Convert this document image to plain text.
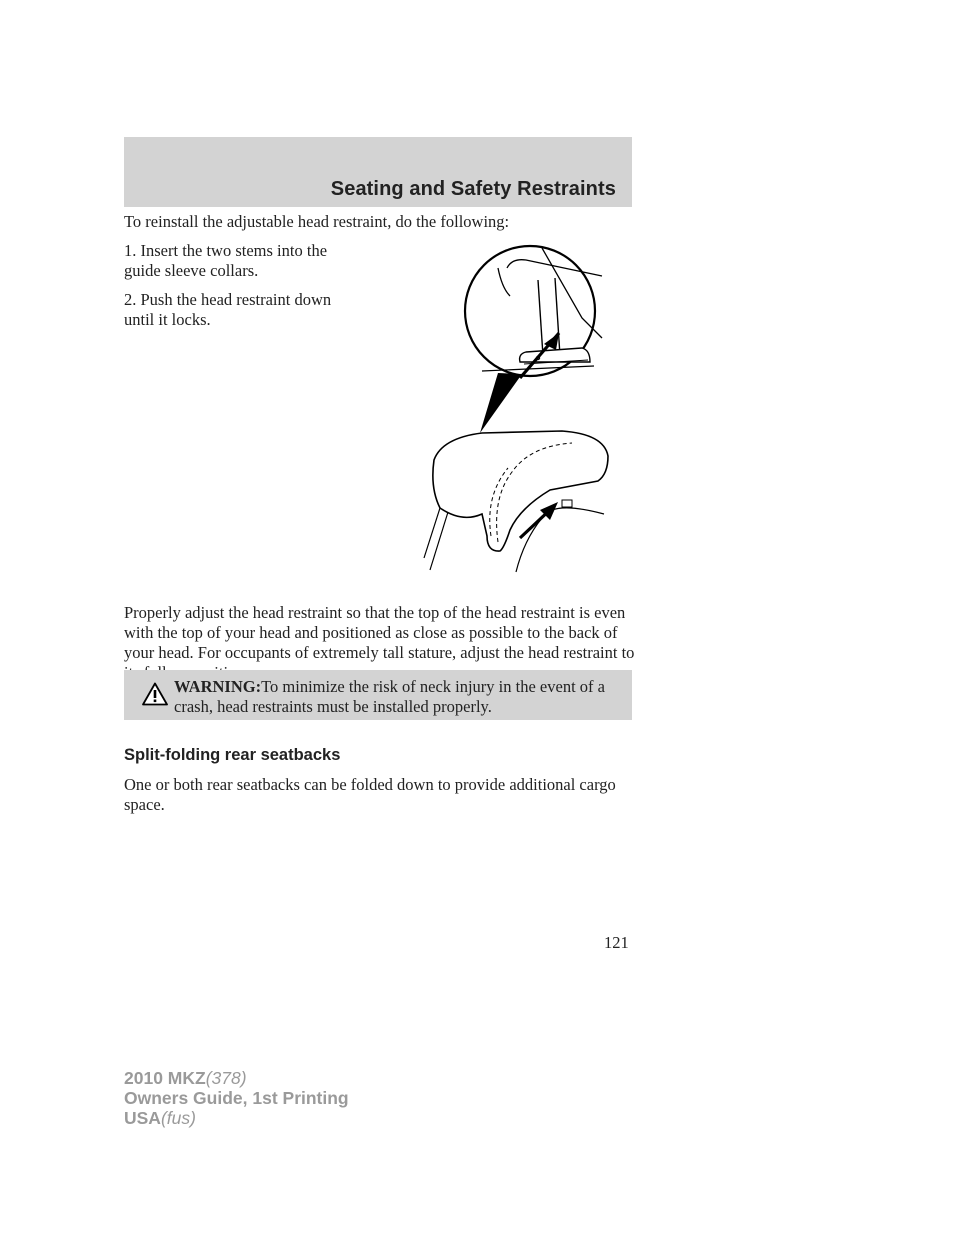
Seating and Safety Restraints
To reinstall the adjustable head restraint, do the following:

1. Insert the two stems into the guide sleeve collars.

2. Push the head restraint down until it locks.

Properly adjust the head restraint so that the top of the head restraint is even with the top of your head and positioned as close as possible to the back of your head. For occupants of extremely tall stature, adjust the head restraint to
WARNING:To minimize the risk of neck injury in the event of a crash, head restraints must be installed properly.
Split-folding rear seatbacks
One or both rear seatbacks can be folded down to provide additional cargo space.
121
2010 MKZ(378)
Owners Guide, 1st Printing
USA(fus)
